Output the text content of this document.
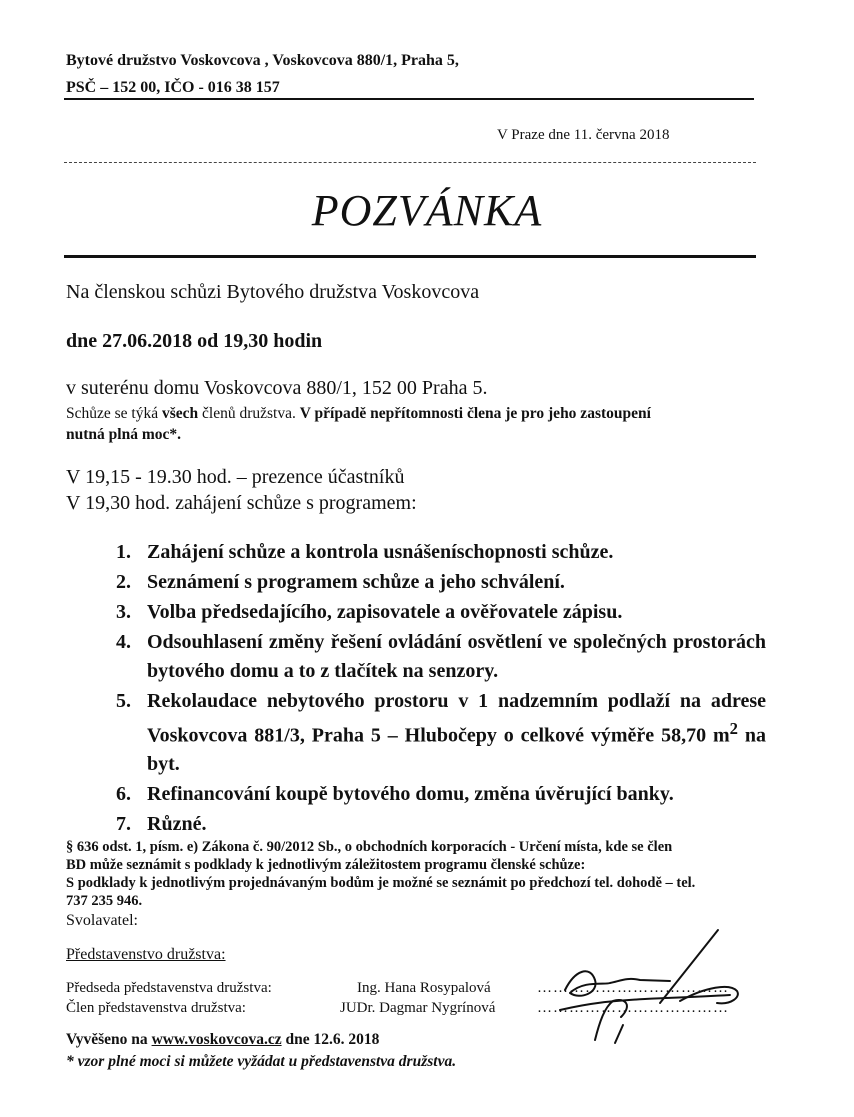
Bytové družstvo Voskovcova , Voskovcova 880/1, Praha 5,
PSČ – 152 00, IČO - 016 38 157
V Praze dne 11. června 2018
POZVÁNKA
Na členskou schůzi Bytového družstva Voskovcova
dne 27.06.2018 od 19,30 hodin
v suterénu domu Voskovcova 880/1, 152 00 Praha 5.
Schůze se týká všech členů družstva. V případě nepřítomnosti člena je pro jeho zastoupení
nutná plná moc*.
V 19,15 - 19.30 hod. – prezence účastníků
V 19,30 hod. zahájení schůze s programem:
1. Zahájení schůze a kontrola usnášeníschopnosti schůze.
2. Seznámení s programem schůze a jeho schválení.
3. Volba předsedajícího, zapisovatele a ověřovatele zápisu.
4. Odsouhlasení změny řešení ovládání osvětlení ve společných prostorách bytového domu a to z tlačítek na senzory.
5. Rekolaudace nebytového prostoru v 1 nadzemním podlaží na adrese Voskovcova 881/3, Praha 5 – Hlubočepy o celkové výměře 58,70 $m^2$ na byt.
6. Refinancování koupě bytového domu, změna úvěrující banky.
7. Různé.
§ 636 odst. 1, písm. e) Zákona č. 90/2012 Sb., o obchodních korporacích - Určení místa, kde se člen
BD může seznámit s podklady k jednotlivým záležitostem programu členské schůze:
S podklady k jednotlivým projednávaným bodům je možné se seznámit po předchozí tel. dohodě – tel.
737 235 946.
Svolavatel:
Představenstvo družstva:
Předseda představenstva družstva:	Ing. Hana Rosypalová	………………………………
Člen představenstva družstva:	JUDr. Dagmar Nygrínová	………………………………
Vyvěšeno na www.voskovcova.cz dne 12.6. 2018
* vzor plné moci si můžete vyžádat u představenstva družstva.
